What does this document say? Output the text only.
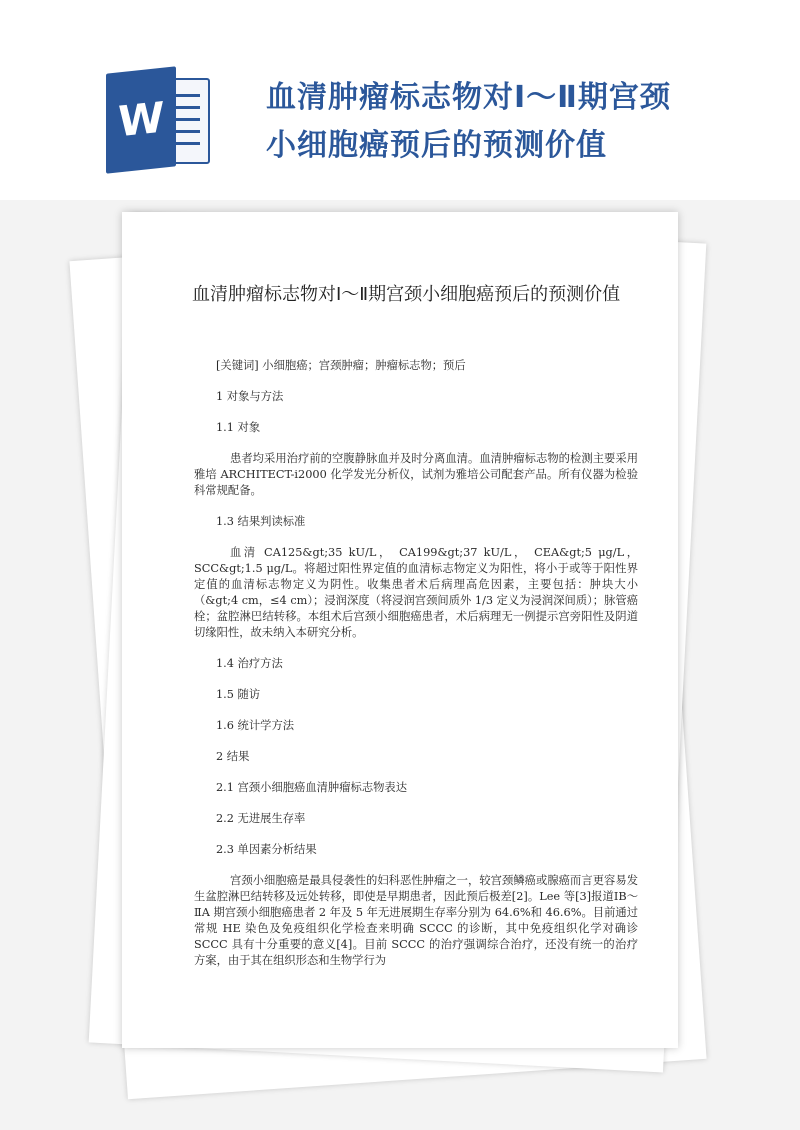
W	血清肿瘤标志物对Ⅰ～Ⅱ期宫颈小细胞癌预后的预测价值
血清肿瘤标志物对Ⅰ～Ⅱ期宫颈小细胞癌预后的预测价值

[关键词] 小细胞癌；宫颈肿瘤；肿瘤标志物；预后

1 对象与方法

1.1 对象

患者均采用治疗前的空腹静脉血并及时分离血清。血清肿瘤标志物的检测主要采用雅培 ARCHITECT-i2000 化学发光分析仪，试剂为雅培公司配套产品。所有仪器为检验科常规配备。

1.3 结果判读标准

血清 CA125&gt;35 kU/L， CA199&gt;37 kU/L， CEA&gt;5 μg/L，SCC&gt;1.5 μg/L。将超过阳性界定值的血清标志物定义为阳性，将小于或等于阳性界定值的血清标志物定义为阴性。收集患者术后病理高危因素，主要包括：肿块大小（&gt;4 cm，≤4 cm）；浸润深度（将浸润宫颈间质外 1/3 定义为浸润深间质）；脉管癌栓；盆腔淋巴结转移。本组术后宫颈小细胞癌患者，术后病理无一例提示宫旁阳性及阴道切缘阳性，故未纳入本研究分析。

1.4 治疗方法

1.5 随访

1.6 统计学方法

2 结果

2.1 宫颈小细胞癌血清肿瘤标志物表达

2.2 无进展生存率

2.3 单因素分析结果

宫颈小细胞癌是最具侵袭性的妇科恶性肿瘤之一，较宫颈鳞癌或腺癌而言更容易发生盆腔淋巴结转移及远处转移，即使是早期患者，因此预后极差[2]。Lee 等[3]报道ⅠB～ⅡA 期宫颈小细胞癌患者 2 年及 5 年无进展期生存率分别为 64.6%和 46.6%。目前通过常规 HE 染色及免疫组织化学检查来明确 SCCC 的诊断，其中免疫组织化学对确诊 SCCC 具有十分重要的意义[4]。目前 SCCC 的治疗强调综合治疗，还没有统一的治疗方案，由于其在组织形态和生物学行为
